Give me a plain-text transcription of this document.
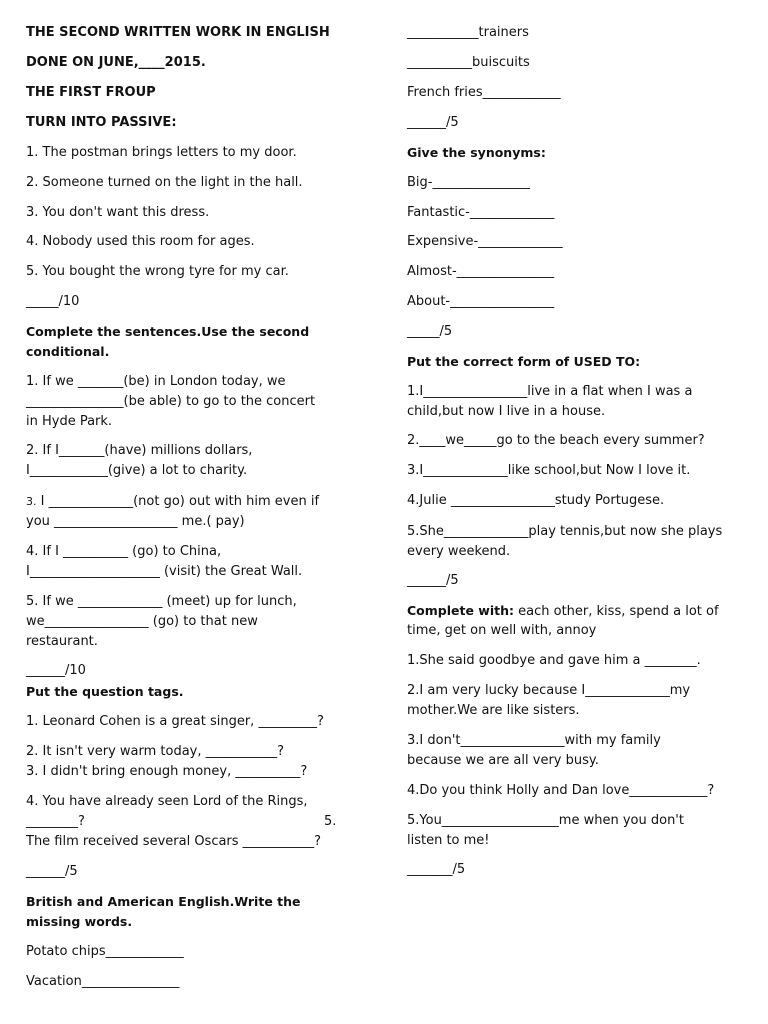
THE SECOND WRITTEN WORK IN ENGLISH
DONE ON JUNE,____2015.
THE FIRST FROUP
TURN INTO PASSIVE:
1. The postman brings letters to my door.
2. Someone turned on the light in the hall.
3. You don't want this dress.
4. Nobody used this room for ages.
5. You bought the wrong tyre for my car.
_____/10
Complete the sentences.Use the second conditional.
1. If we _______(be) in London today, we
_______________(be able) to go to the concert
in Hyde Park.
2. If I_______(have) millions dollars,
I____________(give) a lot to charity.
3. I _____________(not go) out with him even if
you ___________________ me.( pay)
4. If I __________ (go) to China,
I____________________ (visit) the Great Wall.
5. If we _____________ (meet) up for lunch,
we________________ (go) to that new
restaurant.
______/10
Put the question tags.
1. Leonard Cohen is a great singer, _________?
2. It isn't very warm today, ___________?
3. I didn't bring enough money, __________?
4. You have already seen Lord of the Rings,
________?	5.
The film received several Oscars ___________?
______/5
British and American English.Write the missing words.
Potato chips____________
Vacation_______________
___________trainers
__________buiscuits
French fries____________
______/5
Give the synonyms:
Big-_______________
Fantastic-_____________
Expensive-_____________
Almost-_______________
About-________________
_____/5
Put the correct form of USED TO:
1.I________________live in a flat when I was a
child,but now I live in a house.
2.____we_____go to the beach every summer?
3.I_____________like school,but Now I love it.
4.Julie ________________study Portugese.
5.She_____________play tennis,but now she plays
every weekend.
______/5
Complete with: each other, kiss, spend a lot of
time, get on well with, annoy
1.She said goodbye and gave him a ________.
2.I am very lucky because I_____________my
mother.We are like sisters.
3.I don't________________with my family
because we are all very busy.
4.Do you think Holly and Dan love____________?
5.You__________________me when you don't
listen to me!
_______/5
